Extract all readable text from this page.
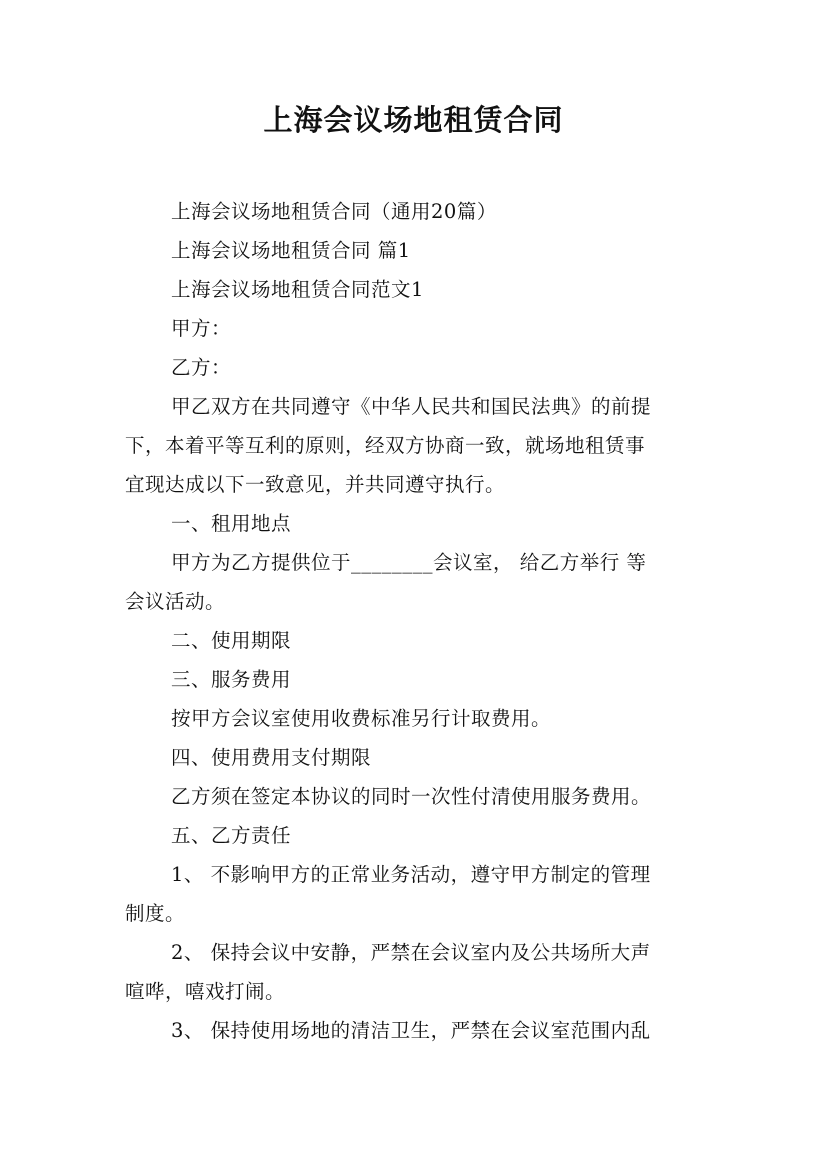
上海会议场地租赁合同
上海会议场地租赁合同（通用20篇）
上海会议场地租赁合同 篇1
上海会议场地租赁合同范文1
甲方：
乙方：
甲乙双方在共同遵守《中华人民共和国民法典》的前提
下，本着平等互利的原则，经双方协商一致，就场地租赁事
宜现达成以下一致意见，并共同遵守执行。
一、租用地点
甲方为乙方提供位于________会议室， 给乙方举行 等
会议活动。
二、使用期限
三、服务费用
按甲方会议室使用收费标准另行计取费用。
四、使用费用支付期限
乙方须在签定本协议的同时一次性付清使用服务费用。
五、乙方责任
1、 不影响甲方的正常业务活动，遵守甲方制定的管理
制度。
2、 保持会议中安静，严禁在会议室内及公共场所大声
喧哗，嘻戏打闹。
3、 保持使用场地的清洁卫生，严禁在会议室范围内乱
